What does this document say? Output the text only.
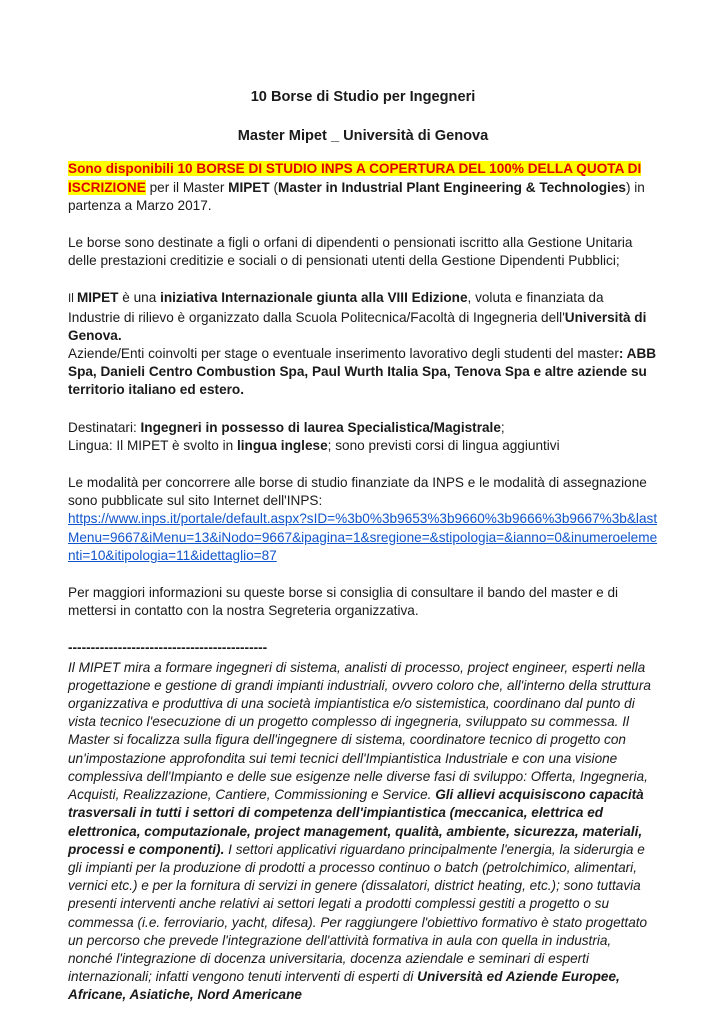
10 Borse di Studio per Ingegneri
Master Mipet _ Università di Genova

Sono disponibili 10 BORSE DI STUDIO INPS A COPERTURA DEL 100% DELLA QUOTA DI ISCRIZIONE per il Master MIPET (Master in Industrial Plant Engineering & Technologies) in partenza a Marzo 2017.

Le borse sono destinate a figli o orfani di dipendenti o pensionati iscritto alla Gestione Unitaria delle prestazioni creditizie e sociali o di pensionati utenti della Gestione Dipendenti Pubblici;

Il MIPET è una iniziativa Internazionale giunta alla VIII Edizione, voluta e finanziata da Industrie di rilievo è organizzato dalla Scuola Politecnica/Facoltà di Ingegneria dell'Università di Genova.
Aziende/Enti coinvolti per stage o eventuale inserimento lavorativo degli studenti del master: ABB Spa, Danieli Centro Combustion Spa, Paul Wurth Italia Spa, Tenova Spa e altre aziende su territorio italiano ed estero.

Destinatari: Ingegneri in possesso di laurea Specialistica/Magistrale;
Lingua: Il MIPET è svolto in lingua inglese; sono previsti corsi di lingua aggiuntivi

Le modalità per concorrere alle borse di studio finanziate da INPS e le modalità di assegnazione sono pubblicate sul sito Internet dell'INPS:
https://www.inps.it/portale/default.aspx?sID=%3b0%3b9653%3b9660%3b9666%3b9667%3b&lastMenu=9667&iMenu=13&iNodo=9667&ipagina=1&sregione=&stipologia=&ianno=0&inumeroelementi=10&itipologia=11&idettaglio=87

Per maggiori informazioni su queste borse si consiglia di consultare il bando del master e di mettersi in contatto con la nostra Segreteria organizzativa.

--------------------------------------------

Il MIPET mira a formare ingegneri di sistema, analisti di processo, project engineer, esperti nella progettazione e gestione di grandi impianti industriali, ovvero coloro che, all'interno della struttura organizzativa e produttiva di una società impiantistica e/o sistemistica, coordinano dal punto di vista tecnico l'esecuzione di un progetto complesso di ingegneria, sviluppato su commessa. Il Master si focalizza sulla figura dell'ingegnere di sistema, coordinatore tecnico di progetto con un'impostazione approfondita sui temi tecnici dell'Impiantistica Industriale e con una visione complessiva dell'Impianto e delle sue esigenze nelle diverse fasi di sviluppo: Offerta, Ingegneria, Acquisti, Realizzazione, Cantiere, Commissioning e Service. Gli allievi acquisiscono capacità trasversali in tutti i settori di competenza dell'impiantistica (meccanica, elettrica ed elettronica, computazionale, project management, qualità, ambiente, sicurezza, materiali, processi e componenti). I settori applicativi riguardano principalmente l'energia, la siderurgia e gli impianti per la produzione di prodotti a processo continuo o batch (petrolchimico, alimentari, vernici etc.) e per la fornitura di servizi in genere (dissalatori, district heating, etc.); sono tuttavia presenti interventi anche relativi ai settori legati a prodotti complessi gestiti a progetto o su commessa (i.e. ferroviario, yacht, difesa). Per raggiungere l'obiettivo formativo è stato progettato un percorso che prevede l'integrazione dell'attività formativa in aula con quella in industria, nonché l'integrazione di docenza universitaria, docenza aziendale e seminari di esperti internazionali; infatti vengono tenuti interventi di esperti di Università ed Aziende Europee, Africane, Asiatiche, Nord Americane
